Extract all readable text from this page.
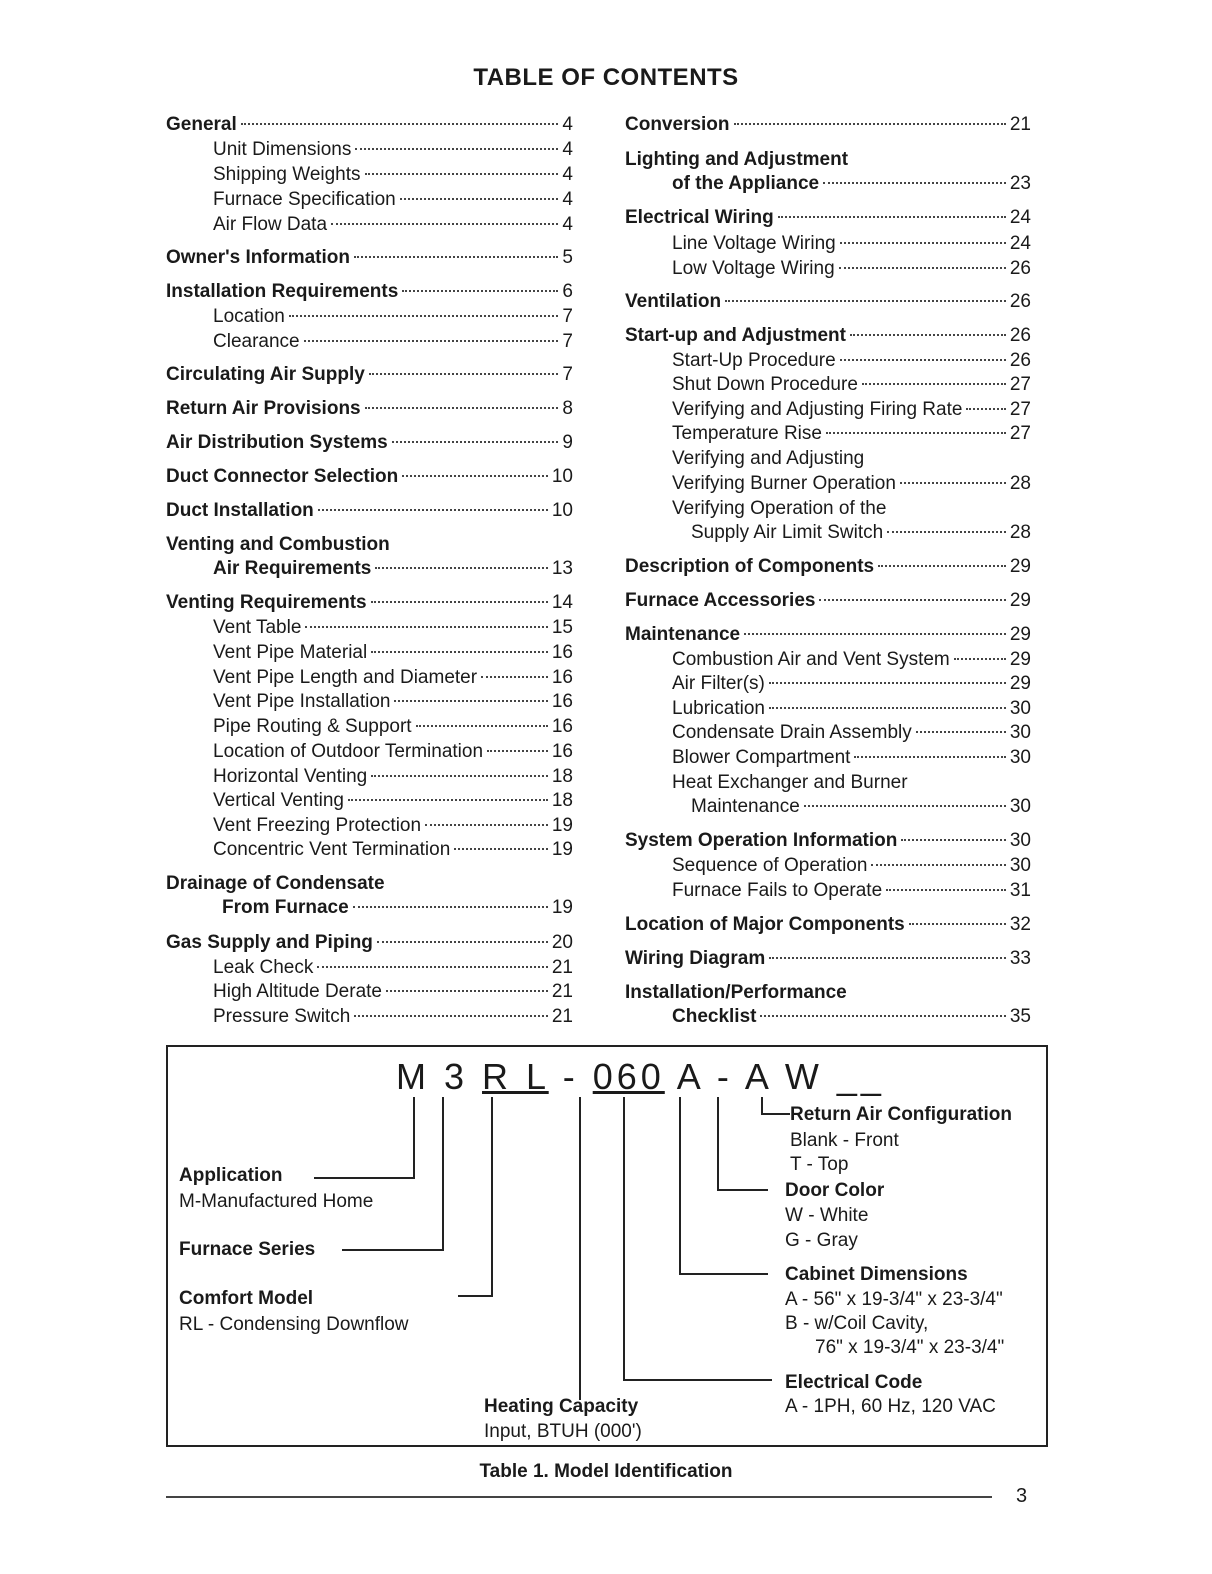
TABLE OF CONTENTS
General	4
Unit Dimensions	4
Shipping Weights	4
Furnace Specification	4
Air Flow Data	4
Owner's Information	5
Installation Requirements	6
Location	7
Clearance	7
Circulating Air Supply	7
Return Air Provisions	8
Air Distribution Systems	9
Duct Connector Selection	10
Duct Installation	10
Venting and Combustion
Air Requirements	13
Venting Requirements	14
Vent Table	15
Vent Pipe Material	16
Vent Pipe Length and Diameter	16
Vent Pipe Installation	16
Pipe Routing & Support	16
Location of Outdoor Termination	16
Horizontal Venting	18
Vertical Venting	18
Vent Freezing Protection	19
Concentric Vent Termination	19
Drainage of Condensate
From Furnace	19
Gas Supply and Piping	20
Leak Check	21
High Altitude Derate	21
Pressure Switch	21
Conversion	21
Lighting and Adjustment
of the Appliance	23
Electrical Wiring	24
Line Voltage Wiring	24
Low Voltage Wiring	26
Ventilation	26
Start-up and Adjustment	26
Start-Up Procedure	26
Shut Down Procedure	27
Verifying and Adjusting Firing Rate 27
Temperature Rise	27
Verifying and Adjusting
Verifying Burner Operation	28
Verifying Operation of the
Supply Air Limit Switch	28
Description of Components	29
Furnace Accessories	29
Maintenance	29
Combustion Air and Vent System	29
Air Filter(s)	29
Lubrication	30
Condensate Drain Assembly	30
Blower Compartment	30
Heat Exchanger and Burner
Maintenance	30
System Operation Information	30
Sequence of Operation	30
Furnace Fails to Operate	31
Location of Major Components	32
Wiring Diagram	33
Installation/Performance
Checklist	35
M 3 R L - 060 A - A W __
Application
M-Manufactured Home
Furnace Series
Comfort Model
RL - Condensing Downflow
Heating Capacity
Input, BTUH (000')
Return Air Configuration
Blank - Front
T - Top
Door Color
W - White
G - Gray
Cabinet Dimensions
A - 56" x 19-3/4" x 23-3/4"
B - w/Coil Cavity,
76" x 19-3/4" x 23-3/4"
Electrical Code
A - 1PH, 60 Hz, 120 VAC
Table 1. Model Identification
3
